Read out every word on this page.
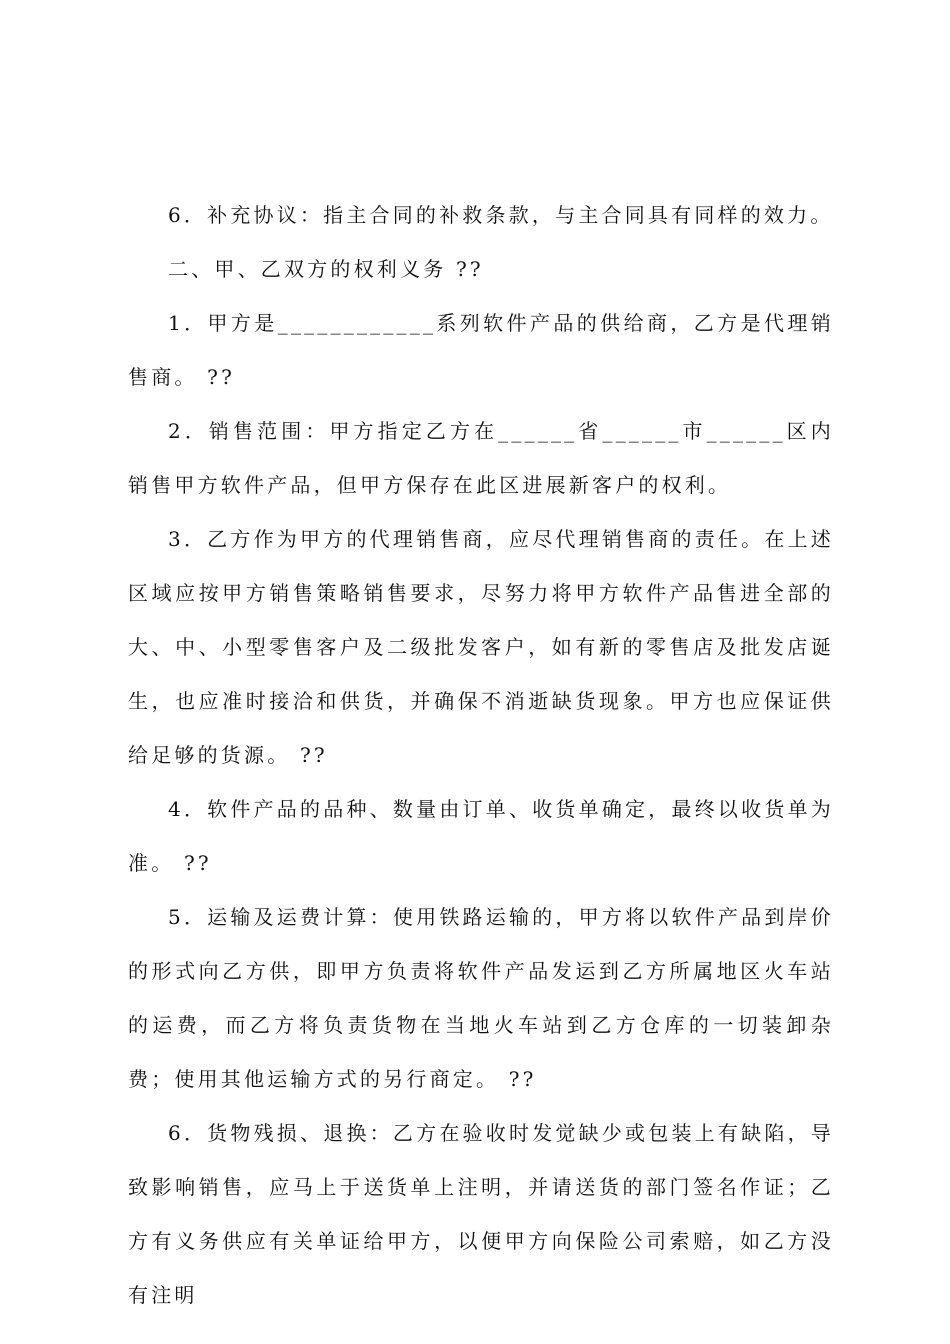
6．补充协议：指主合同的补救条款，与主合同具有同样的效力。

二、甲、乙双方的权利义务 ??

1．甲方是____________系列软件产品的供给商，乙方是代理销售商。 ??

2．销售范围：甲方指定乙方在______省______市______区内销售甲方软件产品，但甲方保存在此区进展新客户的权利。

3．乙方作为甲方的代理销售商，应尽代理销售商的责任。在上述区域应按甲方销售策略销售要求，尽努力将甲方软件产品售进全部的大、中、小型零售客户及二级批发客户，如有新的零售店及批发店诞生，也应准时接洽和供货，并确保不消逝缺货现象。甲方也应保证供给足够的货源。 ??

4．软件产品的品种、数量由订单、收货单确定，最终以收货单为准。 ??

5．运输及运费计算：使用铁路运输的，甲方将以软件产品到岸价的形式向乙方供，即甲方负责将软件产品发运到乙方所属地区火车站的运费，而乙方将负责货物在当地火车站到乙方仓库的一切装卸杂费；使用其他运输方式的另行商定。 ??

6．货物残损、退换：乙方在验收时发觉缺少或包装上有缺陷，导致影响销售，应马上于送货单上注明，并请送货的部门签名作证；乙方有义务供应有关单证给甲方，以便甲方向保险公司索赔，如乙方没有注明
